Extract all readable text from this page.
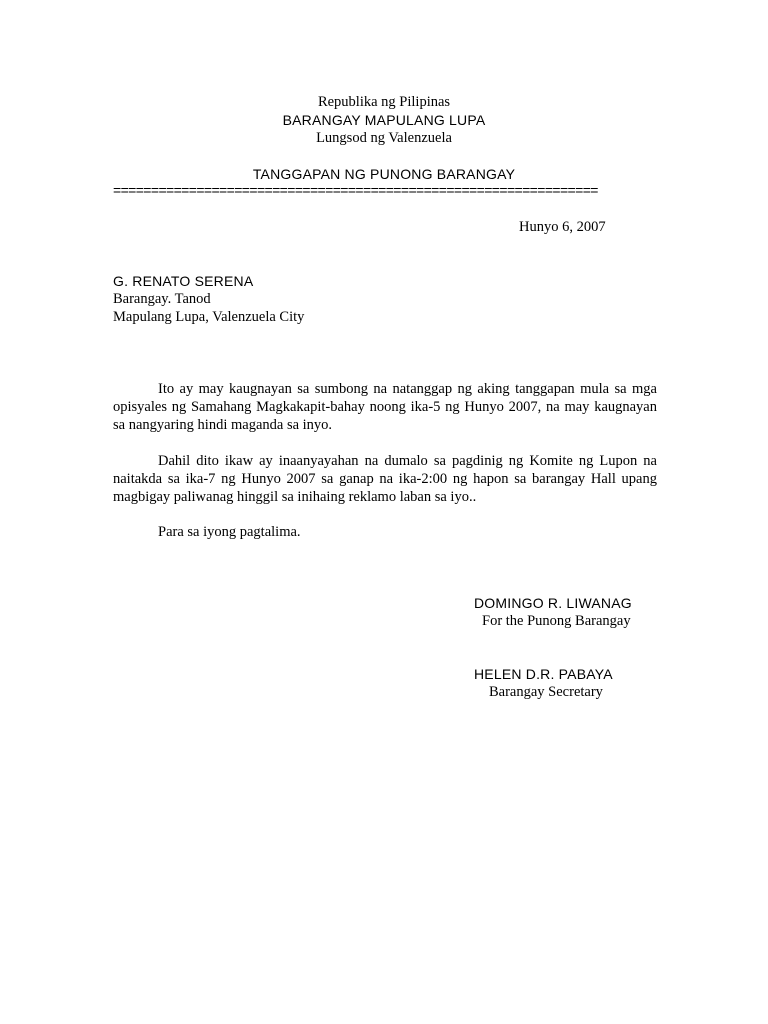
Republika ng Pilipinas
BARANGAY MAPULANG LUPA
Lungsod ng Valenzuela
TANGGAPAN NG PUNONG BARANGAY
================================================================
Hunyo 6, 2007
G. RENATO SERENA
Barangay. Tanod
Mapulang Lupa, Valenzuela City
Ito ay may kaugnayan sa sumbong na natanggap ng aking tanggapan mula sa mga opisyales ng Samahang Magkakapit-bahay noong ika-5 ng Hunyo 2007, na may kaugnayan sa nangyaring hindi maganda sa inyo.
Dahil dito ikaw ay inaanyayahan na dumalo sa pagdinig ng Komite ng Lupon na naitakda sa ika-7 ng Hunyo 2007 sa ganap na ika-2:00 ng hapon sa barangay Hall upang magbigay paliwanag hinggil sa inihaing reklamo laban sa iyo..
Para sa iyong pagtalima.
DOMINGO R. LIWANAG
For the Punong Barangay
HELEN D.R. PABAYA
Barangay Secretary
